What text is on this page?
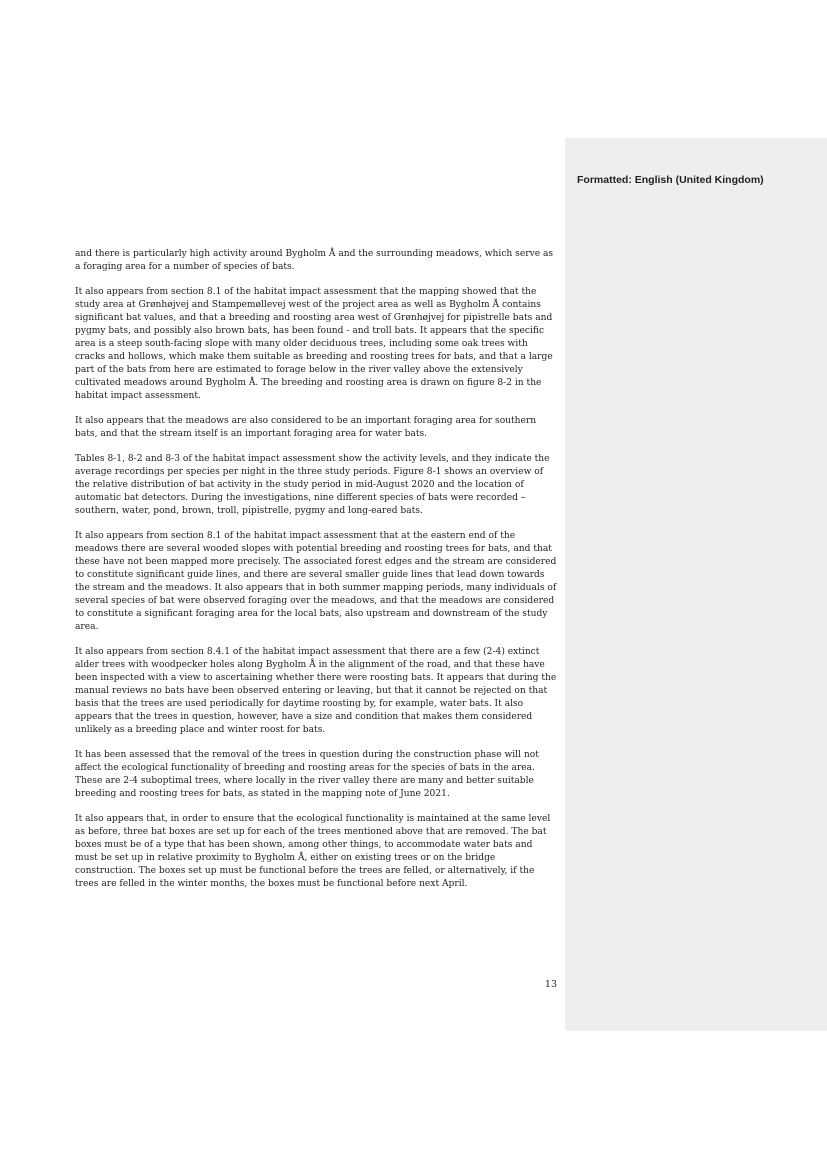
Formatted: English (United Kingdom)

and there is particularly high activity around Bygholm Å and the surrounding meadows, which serve as a foraging area for a number of species of bats.

It also appears from section 8.1 of the habitat impact assessment that the mapping showed that the study area at Grønhøjvej and Stampemøllevej west of the project area as well as Bygholm Å contains significant bat values, and that a breeding and roosting area west of Grønhøjvej for pipistrelle bats and pygmy bats, and possibly also brown bats, has been found - and troll bats. It appears that the specific area is a steep south-facing slope with many older deciduous trees, including some oak trees with cracks and hollows, which make them suitable as breeding and roosting trees for bats, and that a large part of the bats from here are estimated to forage below in the river valley above the extensively cultivated meadows around Bygholm Å. The breeding and roosting area is drawn on figure 8-2 in the habitat impact assessment.

It also appears that the meadows are also considered to be an important foraging area for southern bats, and that the stream itself is an important foraging area for water bats.

Tables 8-1, 8-2 and 8-3 of the habitat impact assessment show the activity levels, and they indicate the average recordings per species per night in the three study periods. Figure 8-1 shows an overview of the relative distribution of bat activity in the study period in mid-August 2020 and the location of automatic bat detectors. During the investigations, nine different species of bats were recorded – southern, water, pond, brown, troll, pipistrelle, pygmy and long-eared bats.

It also appears from section 8.1 of the habitat impact assessment that at the eastern end of the meadows there are several wooded slopes with potential breeding and roosting trees for bats, and that these have not been mapped more precisely. The associated forest edges and the stream are considered to constitute significant guide lines, and there are several smaller guide lines that lead down towards the stream and the meadows. It also appears that in both summer mapping periods, many individuals of several species of bat were observed foraging over the meadows, and that the meadows are considered to constitute a significant foraging area for the local bats, also upstream and downstream of the study area.

It also appears from section 8.4.1 of the habitat impact assessment that there are a few (2-4) extinct alder trees with woodpecker holes along Bygholm Å in the alignment of the road, and that these have been inspected with a view to ascertaining whether there were roosting bats. It appears that during the manual reviews no bats have been observed entering or leaving, but that it cannot be rejected on that basis that the trees are used periodically for daytime roosting by, for example, water bats. It also appears that the trees in question, however, have a size and condition that makes them considered unlikely as a breeding place and winter roost for bats.

It has been assessed that the removal of the trees in question during the construction phase will not affect the ecological functionality of breeding and roosting areas for the species of bats in the area. These are 2-4 suboptimal trees, where locally in the river valley there are many and better suitable breeding and roosting trees for bats, as stated in the mapping note of June 2021.

It also appears that, in order to ensure that the ecological functionality is maintained at the same level as before, three bat boxes are set up for each of the trees mentioned above that are removed. The bat boxes must be of a type that has been shown, among other things, to accommodate water bats and must be set up in relative proximity to Bygholm Å, either on existing trees or on the bridge construction. The boxes set up must be functional before the trees are felled, or alternatively, if the trees are felled in the winter months, the boxes must be functional before next April.

13
